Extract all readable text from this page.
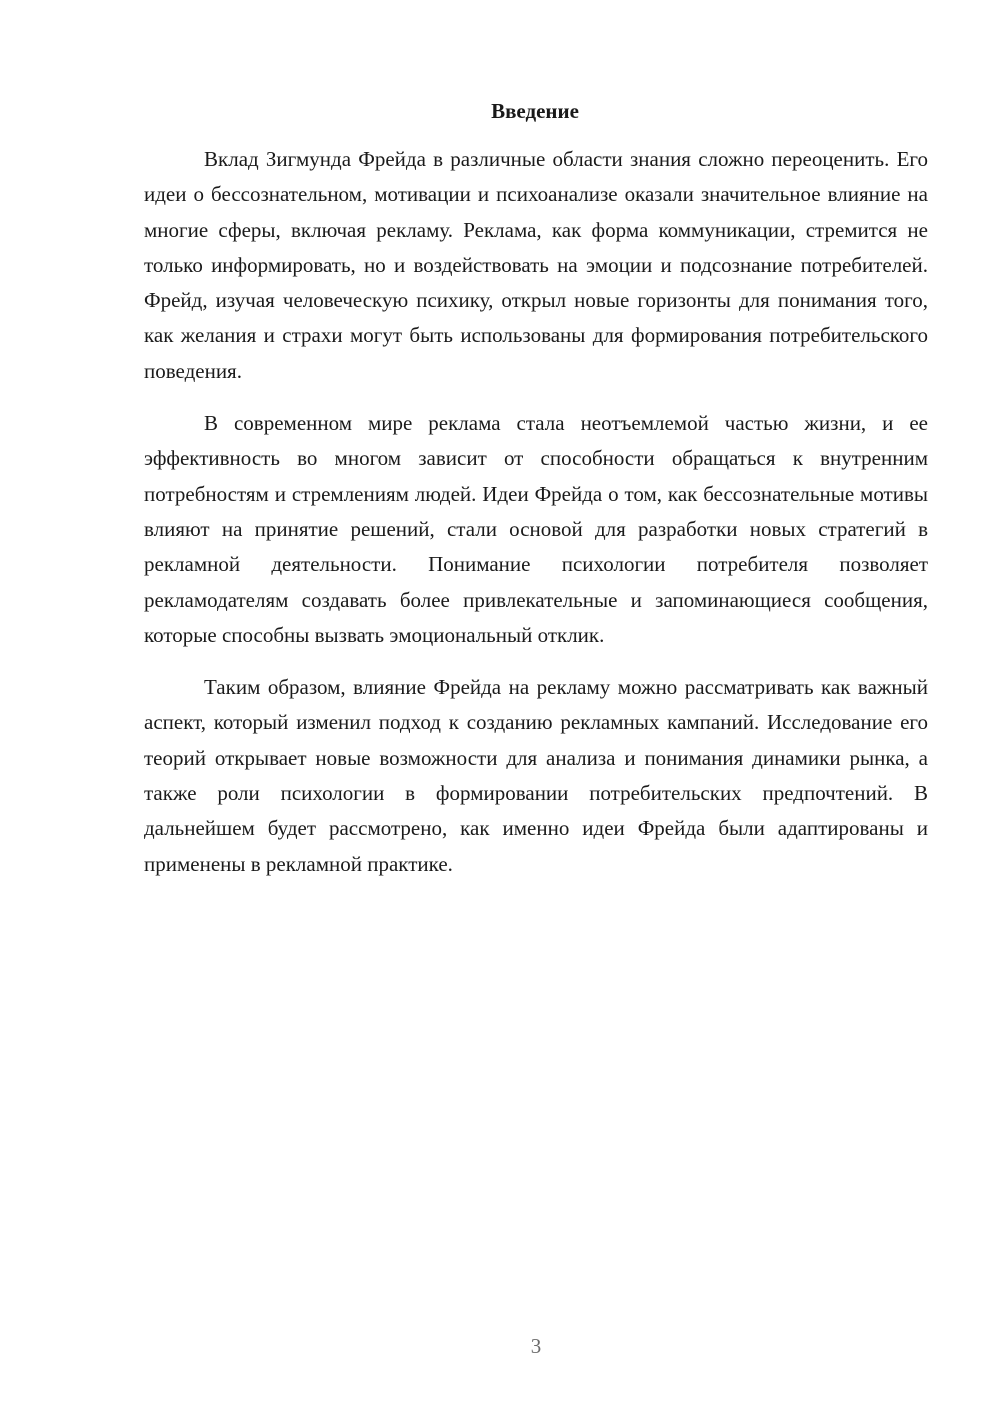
Введение

Вклад Зигмунда Фрейда в различные области знания сложно переоценить. Его идеи о бессознательном, мотивации и психоанализе оказали значительное влияние на многие сферы, включая рекламу. Реклама, как форма коммуникации, стремится не только информировать, но и воздействовать на эмоции и подсознание потребителей. Фрейд, изучая человеческую психику, открыл новые горизонты для понимания того, как желания и страхи могут быть использованы для формирования потребительского поведения.

В современном мире реклама стала неотъемлемой частью жизни, и ее эффективность во многом зависит от способности обращаться к внутренним потребностям и стремлениям людей. Идеи Фрейда о том, как бессознательные мотивы влияют на принятие решений, стали основой для разработки новых стратегий в рекламной деятельности. Понимание психологии потребителя позволяет рекламодателям создавать более привлекательные и запоминающиеся сообщения, которые способны вызвать эмоциональный отклик.

Таким образом, влияние Фрейда на рекламу можно рассматривать как важный аспект, который изменил подход к созданию рекламных кампаний. Исследование его теорий открывает новые возможности для анализа и понимания динамики рынка, а также роли психологии в формировании потребительских предпочтений. В дальнейшем будет рассмотрено, как именно идеи Фрейда были адаптированы и применены в рекламной практике.

3
